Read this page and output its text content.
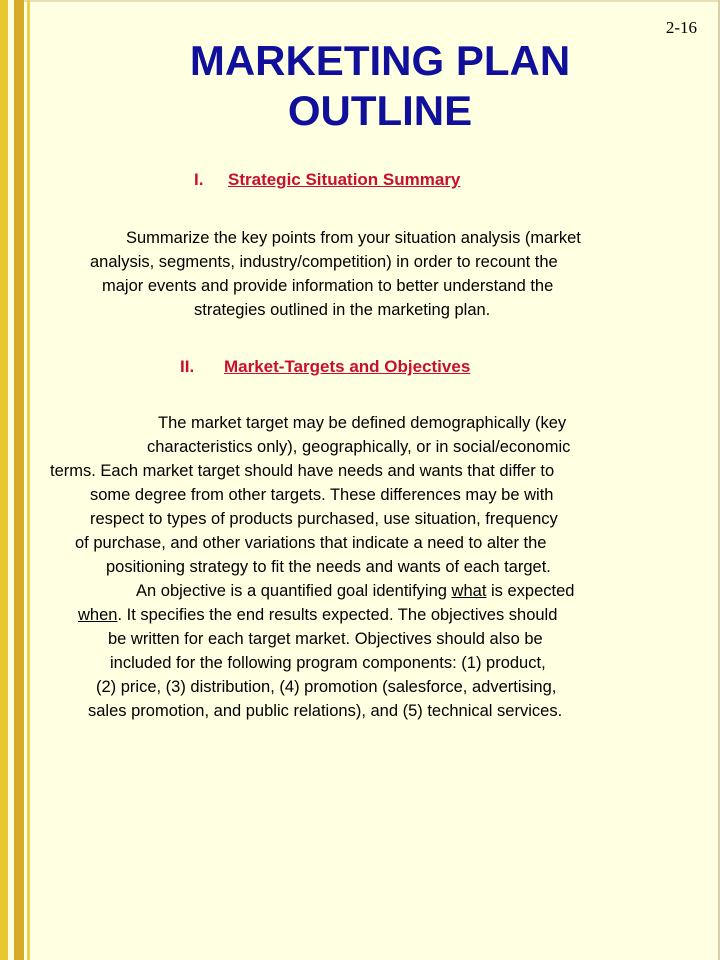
2-16
MARKETING PLAN
OUTLINE
I. Strategic Situation Summary
Summarize the key points from your situation analysis (market
analysis, segments, industry/competition) in order to recount the
major events and provide information to better understand the
strategies outlined in the marketing plan.
II. Market-Targets and Objectives
The market target may be defined demographically (key
characteristics only), geographically, or in social/economic
terms. Each market target should have needs and wants that differ to
some degree from other targets. These differences may be with
respect to types of products purchased, use situation, frequency
of purchase, and other variations that indicate a need to alter the
positioning strategy to fit the needs and wants of each target.
An objective is a quantified goal identifying what is expected
when. It specifies the end results expected. The objectives should
be written for each target market. Objectives should also be
included for the following program components: (1) product,
(2) price, (3) distribution, (4) promotion (salesforce, advertising,
sales promotion, and public relations), and (5) technical services.
